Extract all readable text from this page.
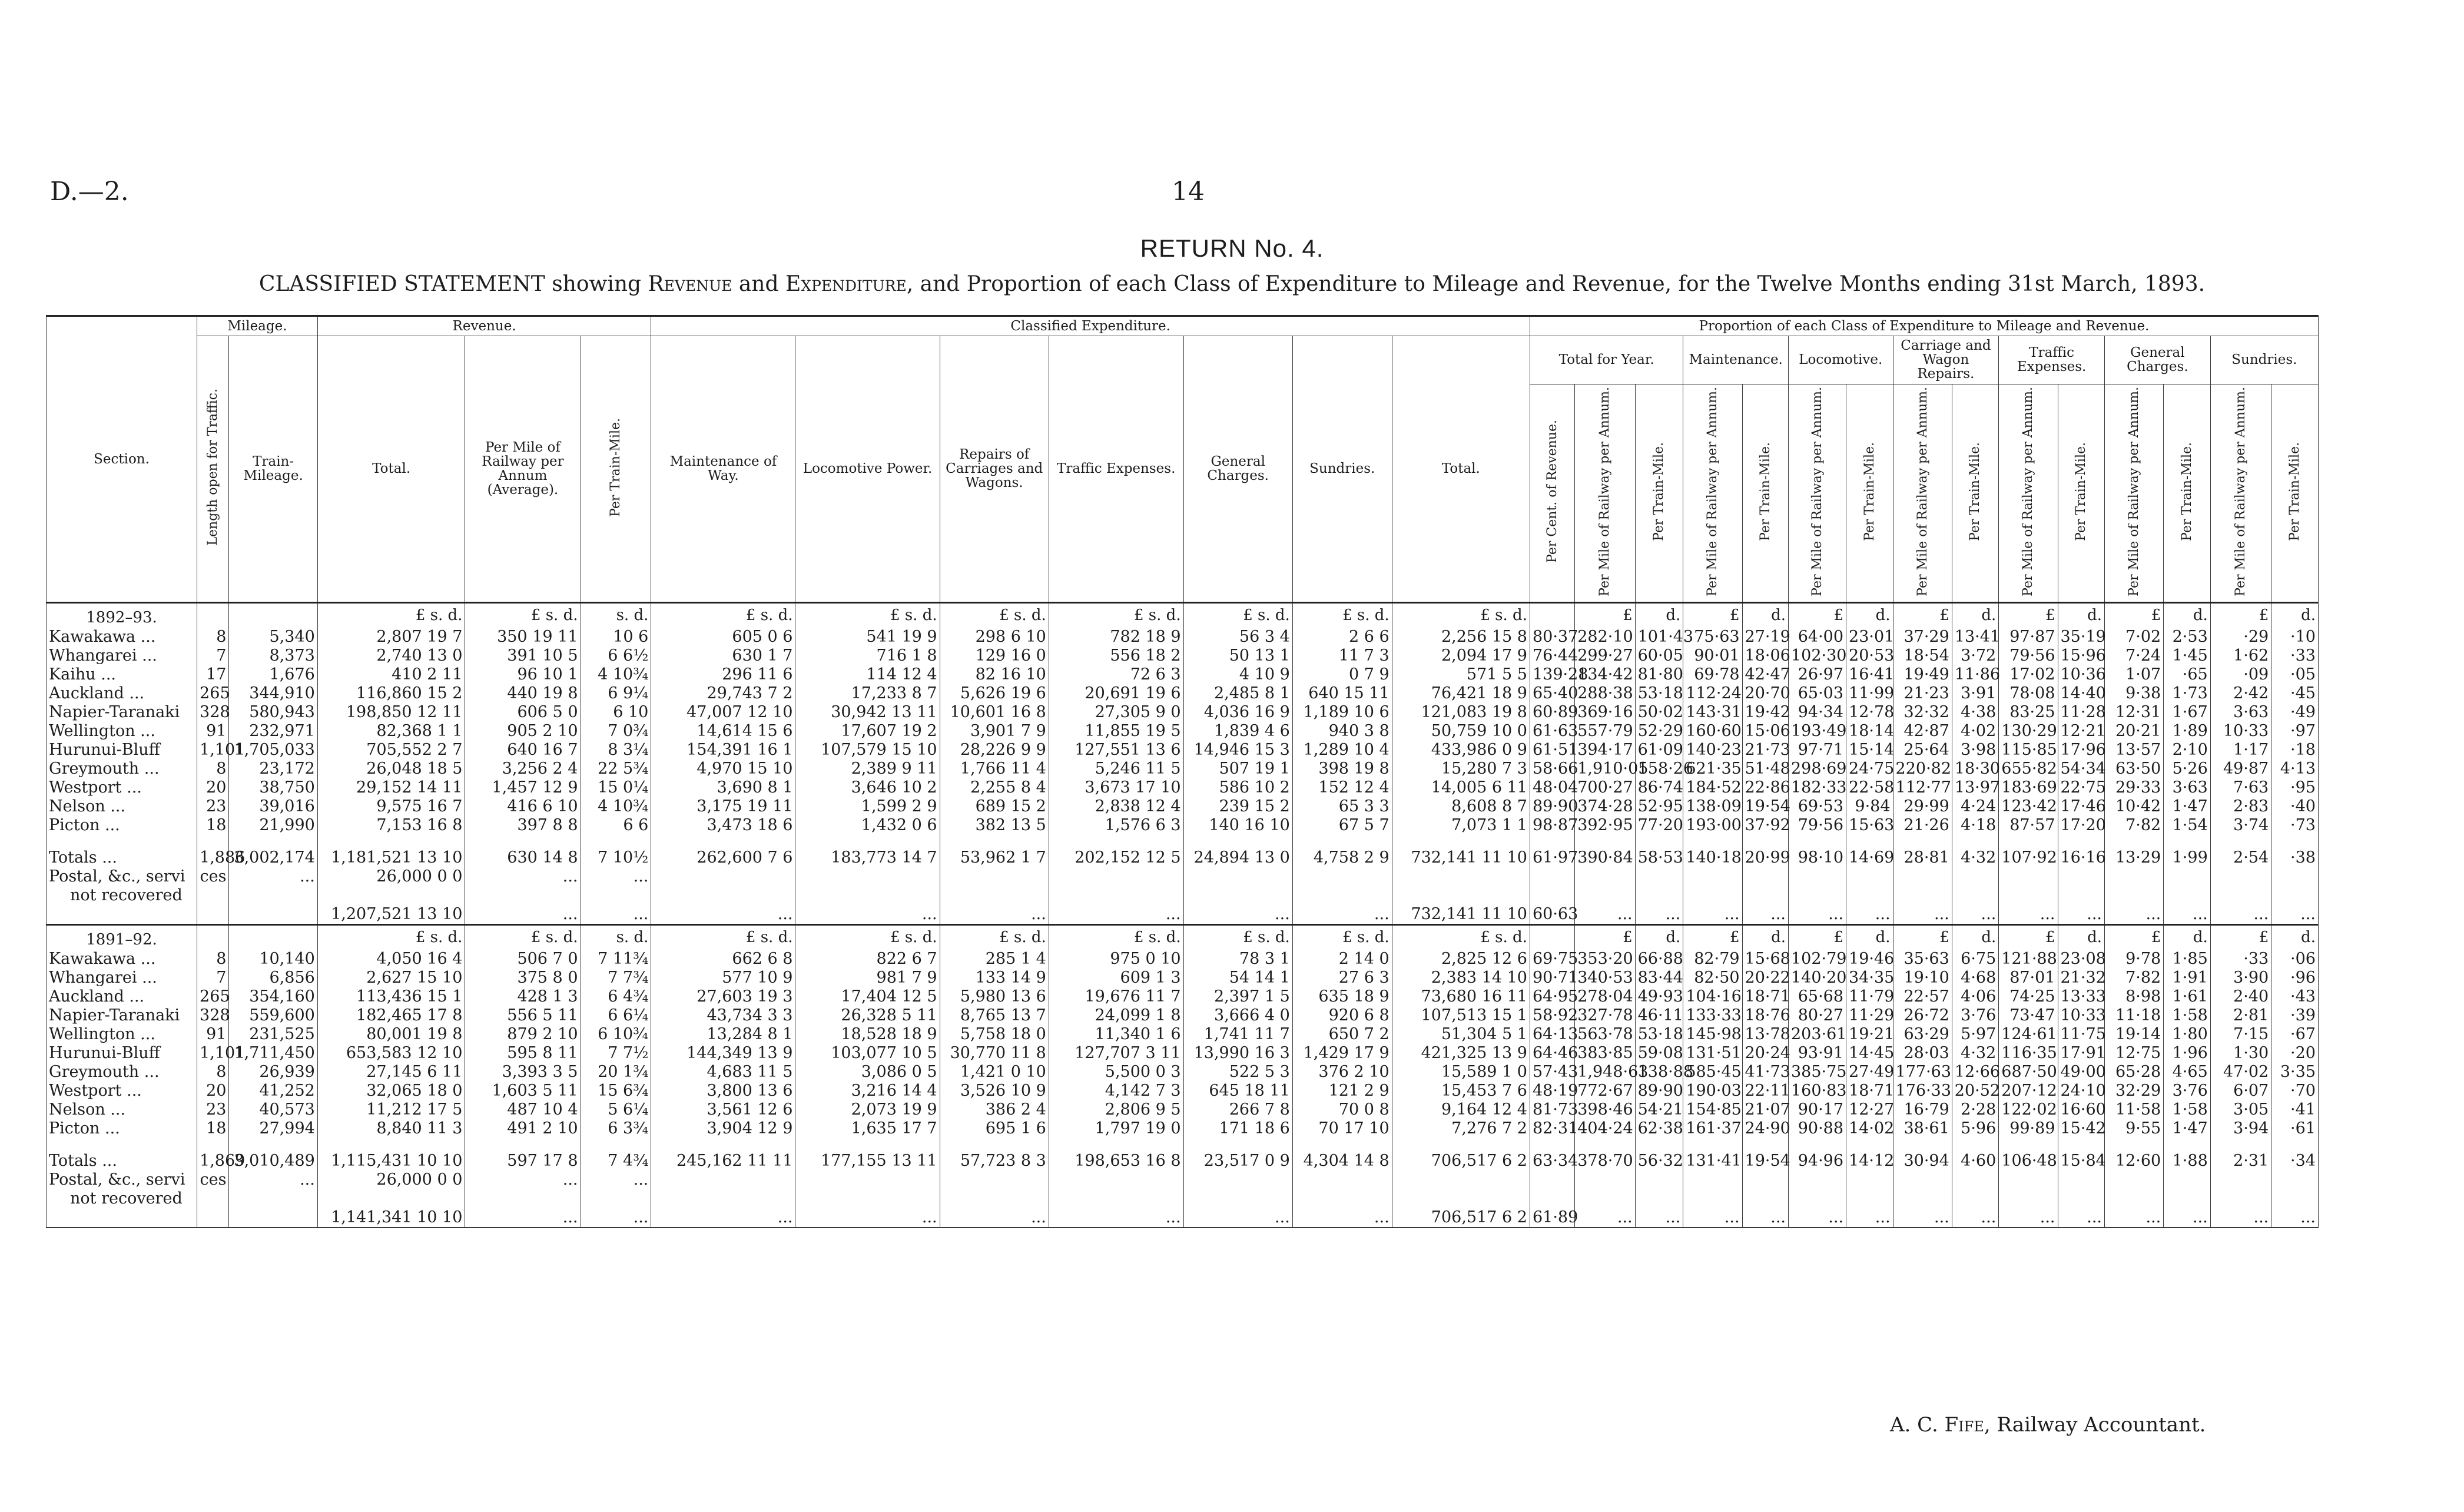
D.—2.	14
RETURN No. 4.
CLASSIFIED STATEMENT showing Revenue and Expenditure, and Proportion of each Class of Expenditure to Mileage and Revenue, for the Twelve Months ending 31st March, 1893.
Section.	Mileage.		Revenue.			Classified Expenditure.							Proportion of each Class of Expenditure to Mileage and Revenue.														
	Length open for Traffic.	Train-Mileage.	Total.	Per Mile of Railway per Annum (Average).	Per Train-Mile.	Maintenance of Way.	Locomotive Power.	Repairs of Carriages and Wagons.	Traffic Expenses.	General Charges.	Sundries.	Total.	Total for Year.			Maintenance.		Locomotive.		Carriage and Wagon Repairs.		Traffic Expenses.		General Charges.		Sundries.	
													Per Cent. of Revenue.	Per Mile of Railway per Annum.	Per Train-Mile.	Per Mile of Railway per Annum.	Per Train-Mile.	Per Mile of Railway per Annum.	Per Train-Mile.	Per Mile of Railway per Annum.	Per Train-Mile.	Per Mile of Railway per Annum.	Per Train-Mile.	Per Mile of Railway per Annum.	Per Train-Mile.	Per Mile of Railway per Annum.	Per Train-Mile.
1892–93.			£ s. d.	£ s. d.	s. d.	£ s. d.	£ s. d.	£ s. d.	£ s. d.	£ s. d.	£ s. d.	£ s. d.		£	d.	£	d.	£	d.	£	d.	£	d.	£	d.	£	d.
Kawakawa ...	8	5,340	2,807 19 7	350 19 11	10 6	605 0 6	541 19 9	298 6 10	782 18 9	56 3 4	2 6 6	2,256 15 8	80·37	282·10	101·43	75·63	27·19	64·00	23·01	37·29	13·41	97·87	35·19	7·02	2·53	·29	·10
Whangarei ...	7	8,373	2,740 13 0	391 10 5	6 6½	630 1 7	716 1 8	129 16 0	556 18 2	50 13 1	11 7 3	2,094 17 9	76·44	299·27	60·05	90·01	18·06	102·30	20·53	18·54	3·72	79·56	15·96	7·24	1·45	1·62	·33
Kaihu ...	17	1,676	410 2 11	96 10 1	4 10¾	296 11 6	114 12 4	82 16 10	72 6 3	4 10 9	0 7 9	571 5 5	139·28	134·42	81·80	69·78	42·47	26·97	16·41	19·49	11·86	17·02	10·36	1·07	·65	·09	·05
Auckland ...	265	344,910	116,860 15 2	440 19 8	6 9¼	29,743 7 2	17,233 8 7	5,626 19 6	20,691 19 6	2,485 8 1	640 15 11	76,421 18 9	65·40	288·38	53·18	112·24	20·70	65·03	11·99	21·23	3·91	78·08	14·40	9·38	1·73	2·42	·45
Napier-Taranaki	328	580,943	198,850 12 11	606 5 0	6 10	47,007 12 10	30,942 13 11	10,601 16 8	27,305 9 0	4,036 16 9	1,189 10 6	121,083 19 8	60·89	369·16	50·02	143·31	19·42	94·34	12·78	32·32	4·38	83·25	11·28	12·31	1·67	3·63	·49
Wellington ...	91	232,971	82,368 1 1	905 2 10	7 0¾	14,614 15 6	17,607 19 2	3,901 7 9	11,855 19 5	1,839 4 6	940 3 8	50,759 10 0	61·63	557·79	52·29	160·60	15·06	193·49	18·14	42·87	4·02	130·29	12·21	20·21	1·89	10·33	·97
Hurunui-Bluff	1,101	1,705,033	705,552 2 7	640 16 7	8 3¼	154,391 16 1	107,579 15 10	28,226 9 9	127,551 13 6	14,946 15 3	1,289 10 4	433,986 0 9	61·51	394·17	61·09	140·23	21·73	97·71	15·14	25·64	3·98	115·85	17·96	13·57	2·10	1·17	·18
Greymouth ...	8	23,172	26,048 18 5	3,256 2 4	22 5¾	4,970 15 10	2,389 9 11	1,766 11 4	5,246 11 5	507 19 1	398 19 8	15,280 7 3	58·66	1,910·05	158·26	621·35	51·48	298·69	24·75	220·82	18·30	655·82	54·34	63·50	5·26	49·87	4·13
Westport ...	20	38,750	29,152 14 11	1,457 12 9	15 0¼	3,690 8 1	3,646 10 2	2,255 8 4	3,673 17 10	586 10 2	152 12 4	14,005 6 11	48·04	700·27	86·74	184·52	22·86	182·33	22·58	112·77	13·97	183·69	22·75	29·33	3·63	7·63	·95
Nelson ...	23	39,016	9,575 16 7	416 6 10	4 10¾	3,175 19 11	1,599 2 9	689 15 2	2,838 12 4	239 15 2	65 3 3	8,608 8 7	89·90	374·28	52·95	138·09	19·54	69·53	9·84	29·99	4·24	123·42	17·46	10·42	1·47	2·83	·40
Picton ...	18	21,990	7,153 16 8	397 8 8	6 6	3,473 18 6	1,432 0 6	382 13 5	1,576 6 3	140 16 10	67 5 7	7,073 1 1	98·87	392·95	77·20	193·00	37·92	79·56	15·63	21·26	4·18	87·57	17·20	7·82	1·54	3·74	·73

Totals ...	1,886	3,002,174	1,181,521 13 10	630 14 8	7 10½	262,600 7 6	183,773 14 7	53,962 1 7	202,152 12 5	24,894 13 0	4,758 2 9	732,141 11 10	61·97	390·84	58·53	140·18	20·99	98·10	14·69	28·81	4·32	107·92	16·16	13·29	1·99	2·54	·38
Postal, &c., servi	ces	...	26,000 0 0	...	...																						
not recovered																											
			1,207,521 13 10	...	...	...	...	...	...	...	...	732,141 11 10	60·63	...	...	...	...	...	...	...	...	...	...	...	...	...	...
1891–92.			£ s. d.	£ s. d.	s. d.	£ s. d.	£ s. d.	£ s. d.	£ s. d.	£ s. d.	£ s. d.	£ s. d.		£	d.	£	d.	£	d.	£	d.	£	d.	£	d.	£	d.
Kawakawa ...	8	10,140	4,050 16 4	506 7 0	7 11¾	662 6 8	822 6 7	285 1 4	975 0 10	78 3 1	2 14 0	2,825 12 6	69·75	353·20	66·88	82·79	15·68	102·79	19·46	35·63	6·75	121·88	23·08	9·78	1·85	·33	·06
Whangarei ...	7	6,856	2,627 15 10	375 8 0	7 7¾	577 10 9	981 7 9	133 14 9	609 1 3	54 14 1	27 6 3	2,383 14 10	90·71	340·53	83·44	82·50	20·22	140·20	34·35	19·10	4·68	87·01	21·32	7·82	1·91	3·90	·96
Auckland ...	265	354,160	113,436 15 1	428 1 3	6 4¾	27,603 19 3	17,404 12 5	5,980 13 6	19,676 11 7	2,397 1 5	635 18 9	73,680 16 11	64·95	278·04	49·93	104·16	18·71	65·68	11·79	22·57	4·06	74·25	13·33	8·98	1·61	2·40	·43
Napier-Taranaki	328	559,600	182,465 17 8	556 5 11	6 6¼	43,734 3 3	26,328 5 11	8,765 13 7	24,099 1 8	3,666 4 0	920 6 8	107,513 15 1	58·92	327·78	46·11	133·33	18·76	80·27	11·29	26·72	3·76	73·47	10·33	11·18	1·58	2·81	·39
Wellington ...	91	231,525	80,001 19 8	879 2 10	6 10¾	13,284 8 1	18,528 18 9	5,758 18 0	11,340 1 6	1,741 11 7	650 7 2	51,304 5 1	64·13	563·78	53·18	145·98	13·78	203·61	19·21	63·29	5·97	124·61	11·75	19·14	1·80	7·15	·67
Hurunui-Bluff	1,101	1,711,450	653,583 12 10	595 8 11	7 7½	144,349 13 9	103,077 10 5	30,770 11 8	127,707 3 11	13,990 16 3	1,429 17 9	421,325 13 9	64·46	383·85	59·08	131·51	20·24	93·91	14·45	28·03	4·32	116·35	17·91	12·75	1·96	1·30	·20
Greymouth ...	8	26,939	27,145 6 11	3,393 3 5	20 1¾	4,683 11 5	3,086 0 5	1,421 0 10	5,500 0 3	522 5 3	376 2 10	15,589 1 0	57·43	1,948·63	138·88	585·45	41·73	385·75	27·49	177·63	12·66	687·50	49·00	65·28	4·65	47·02	3·35
Westport ...	20	41,252	32,065 18 0	1,603 5 11	15 6¾	3,800 13 6	3,216 14 4	3,526 10 9	4,142 7 3	645 18 11	121 2 9	15,453 7 6	48·19	772·67	89·90	190·03	22·11	160·83	18·71	176·33	20·52	207·12	24·10	32·29	3·76	6·07	·70
Nelson ...	23	40,573	11,212 17 5	487 10 4	5 6¼	3,561 12 6	2,073 19 9	386 2 4	2,806 9 5	266 7 8	70 0 8	9,164 12 4	81·73	398·46	54·21	154·85	21·07	90·17	12·27	16·79	2·28	122·02	16·60	11·58	1·58	3·05	·41
Picton ...	18	27,994	8,840 11 3	491 2 10	6 3¾	3,904 12 9	1,635 17 7	695 1 6	1,797 19 0	171 18 6	70 17 10	7,276 7 2	82·31	404·24	62·38	161·37	24·90	90·88	14·02	38·61	5·96	99·89	15·42	9·55	1·47	3·94	·61

Totals ...	1,869	3,010,489	1,115,431 10 10	597 17 8	7 4¾	245,162 11 11	177,155 13 11	57,723 8 3	198,653 16 8	23,517 0 9	4,304 14 8	706,517 6 2	63·34	378·70	56·32	131·41	19·54	94·96	14·12	30·94	4·60	106·48	15·84	12·60	1·88	2·31	·34
Postal, &c., servi	ces	...	26,000 0 0	...	...																						
not recovered																											
			1,141,341 10 10	...	...	...	...	...	...	...	...	706,517 6 2	61·89	...	...	...	...	...	...	...	...	...	...	...	...	...	...
A. C. Fife, Railway Accountant.
